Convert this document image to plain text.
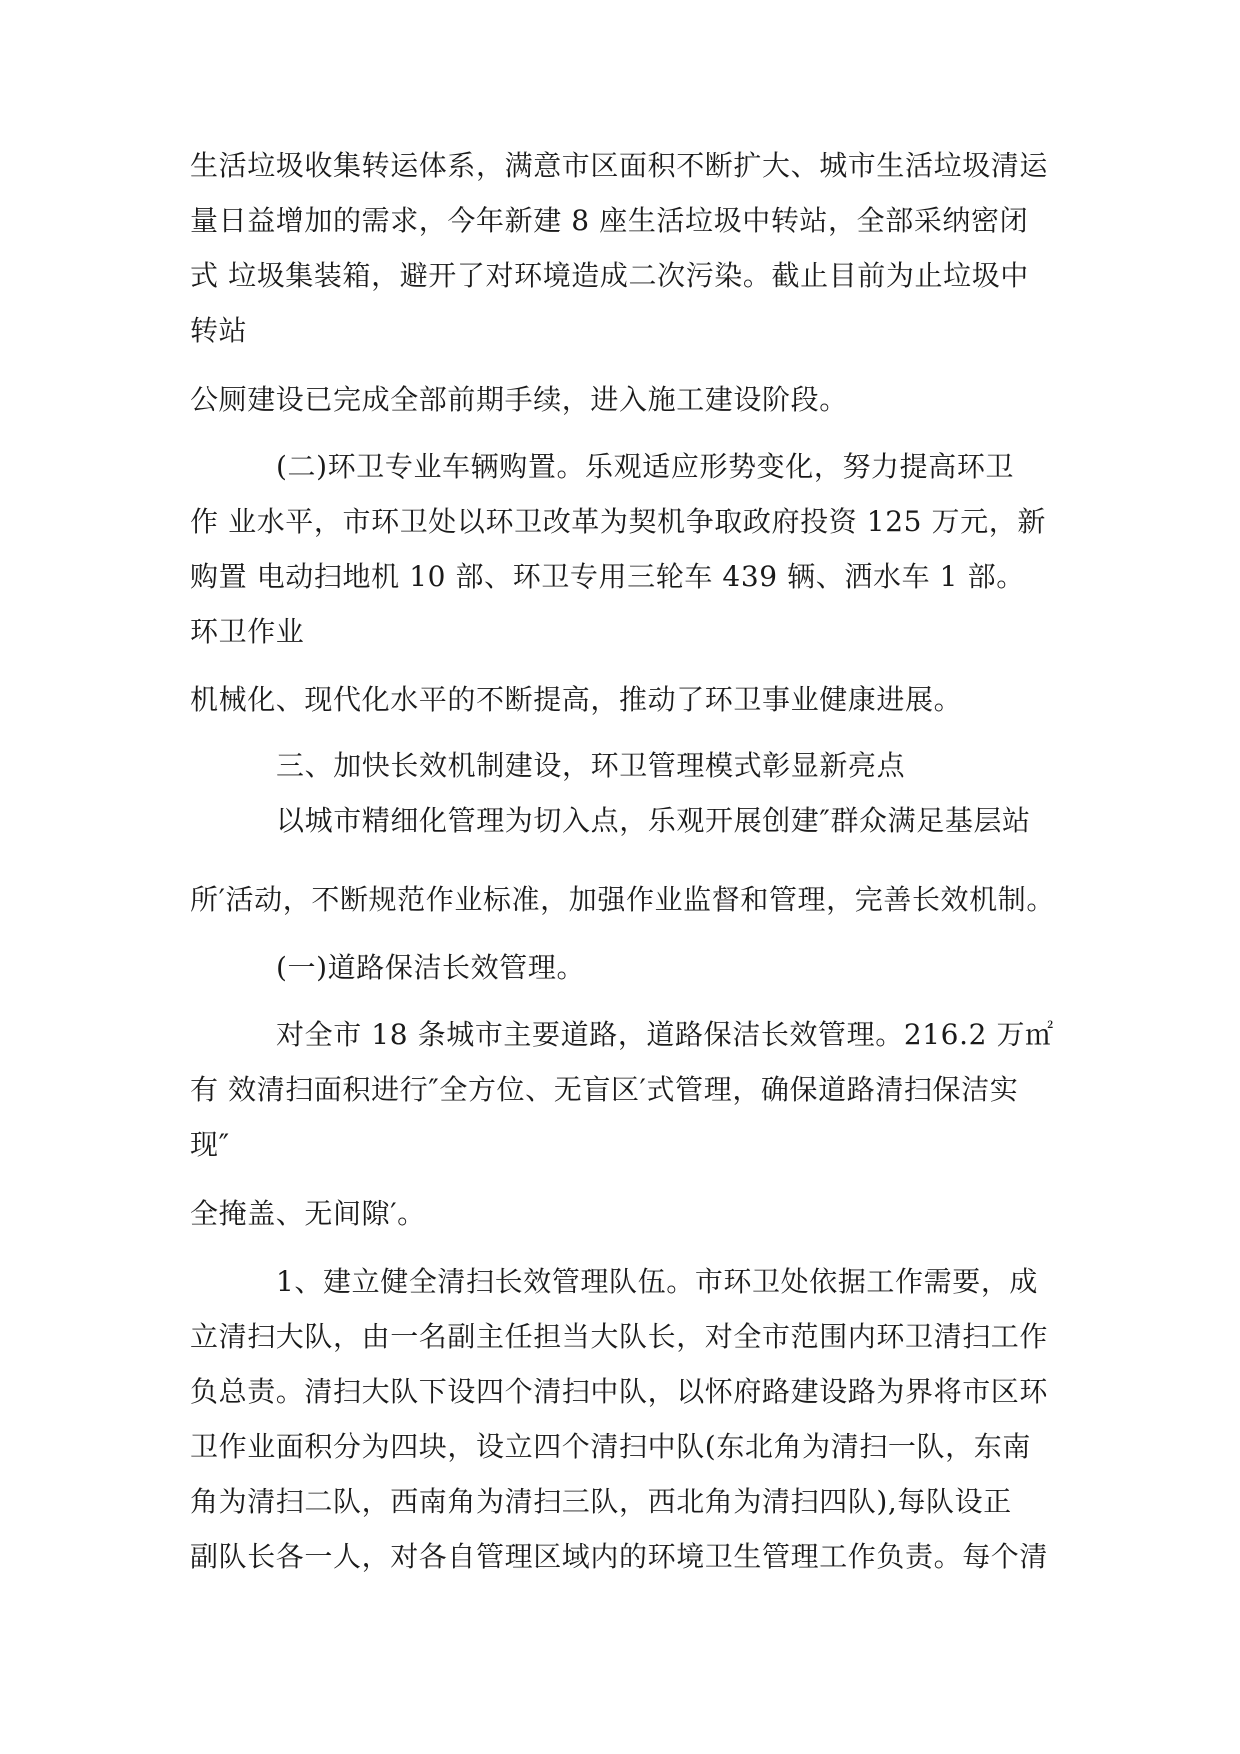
生活垃圾收集转运体系，满意市区面积不断扩大、城市生活垃圾清运

量日益增加的需求，今年新建 8 座生活垃圾中转站，全部采纳密闭

式 垃圾集装箱，避开了对环境造成二次污染。截止目前为止垃圾中

转站

公厕建设已完成全部前期手续，进入施工建设阶段。

(二)环卫专业车辆购置。乐观适应形势变化，努力提高环卫

作 业水平，市环卫处以环卫改革为契机争取政府投资 125 万元，新

购置 电动扫地机 10 部、环卫专用三轮车 439 辆、洒水车 1 部。

环卫作业

机械化、现代化水平的不断提高，推动了环卫事业健康进展。

三、加快长效机制建设，环卫管理模式彰显新亮点

以城市精细化管理为切入点，乐观开展创建″群众满足基层站

所′活动，不断规范作业标准，加强作业监督和管理，完善长效机制。

(一)道路保洁长效管理。

对全市 18 条城市主要道路，道路保洁长效管理。216.2 万㎡

有 效清扫面积进行″全方位、无盲区′式管理，确保道路清扫保洁实

现″

全掩盖、无间隙′。

1、建立健全清扫长效管理队伍。市环卫处依据工作需要，成

立清扫大队，由一名副主任担当大队长，对全市范围内环卫清扫工作

负总责。清扫大队下设四个清扫中队，以怀府路建设路为界将市区环

卫作业面积分为四块，设立四个清扫中队(东北角为清扫一队，东南

角为清扫二队，西南角为清扫三队，西北角为清扫四队),每队设正

副队长各一人，对各自管理区域内的环境卫生管理工作负责。每个清
